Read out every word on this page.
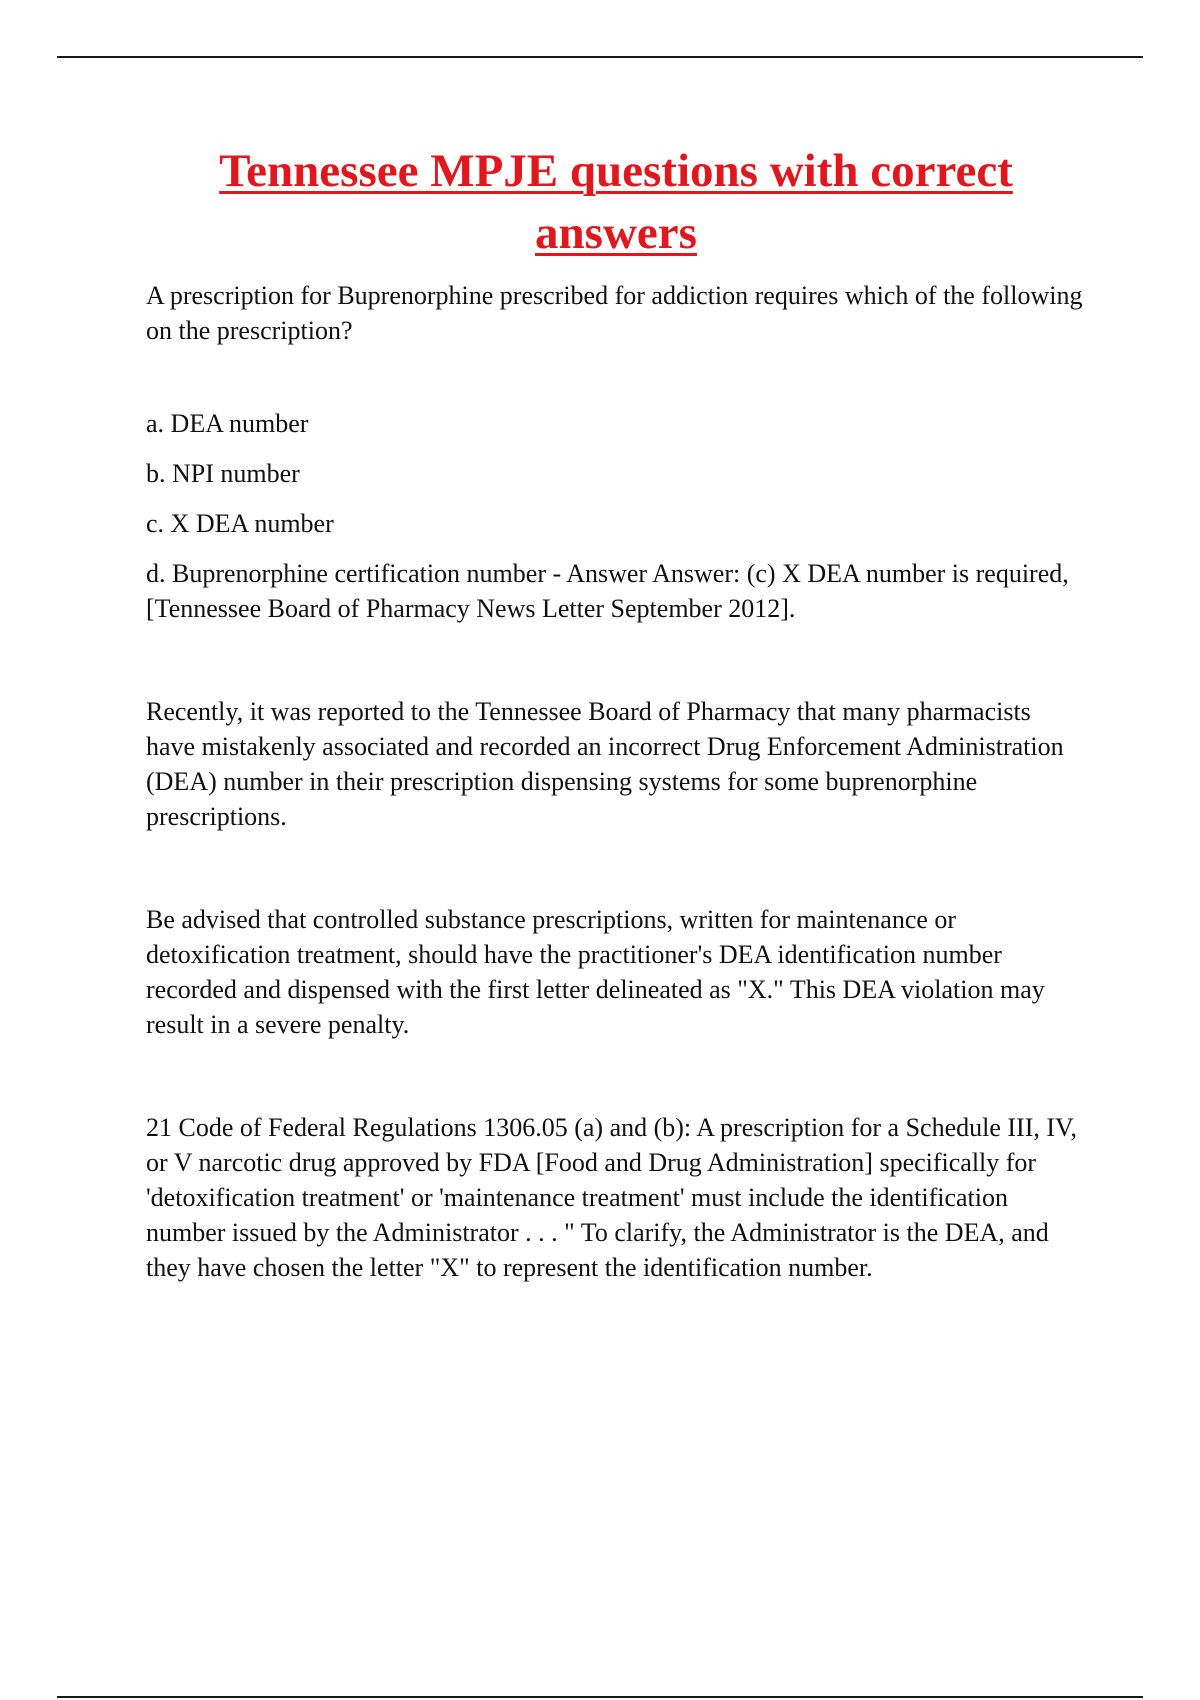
Tennessee MPJE questions with correct answers

A prescription for Buprenorphine prescribed for addiction requires which of the following on the prescription?

a. DEA number

b. NPI number

c. X DEA number

d. Buprenorphine certification number - Answer Answer: (c) X DEA number is required, [Tennessee Board of Pharmacy News Letter September 2012].

Recently, it was reported to the Tennessee Board of Pharmacy that many pharmacists have mistakenly associated and recorded an incorrect Drug Enforcement Administration (DEA) number in their prescription dispensing systems for some buprenorphine prescriptions.

Be advised that controlled substance prescriptions, written for maintenance or detoxification treatment, should have the practitioner's DEA identification number recorded and dispensed with the first letter delineated as "X." This DEA violation may result in a severe penalty.

21 Code of Federal Regulations 1306.05 (a) and (b): A prescription for a Schedule III, IV, or V narcotic drug approved by FDA [Food and Drug Administration] specifically for 'detoxification treatment' or 'maintenance treatment' must include the identification number issued by the Administrator . . . " To clarify, the Administrator is the DEA, and they have chosen the letter "X" to represent the identification number.
